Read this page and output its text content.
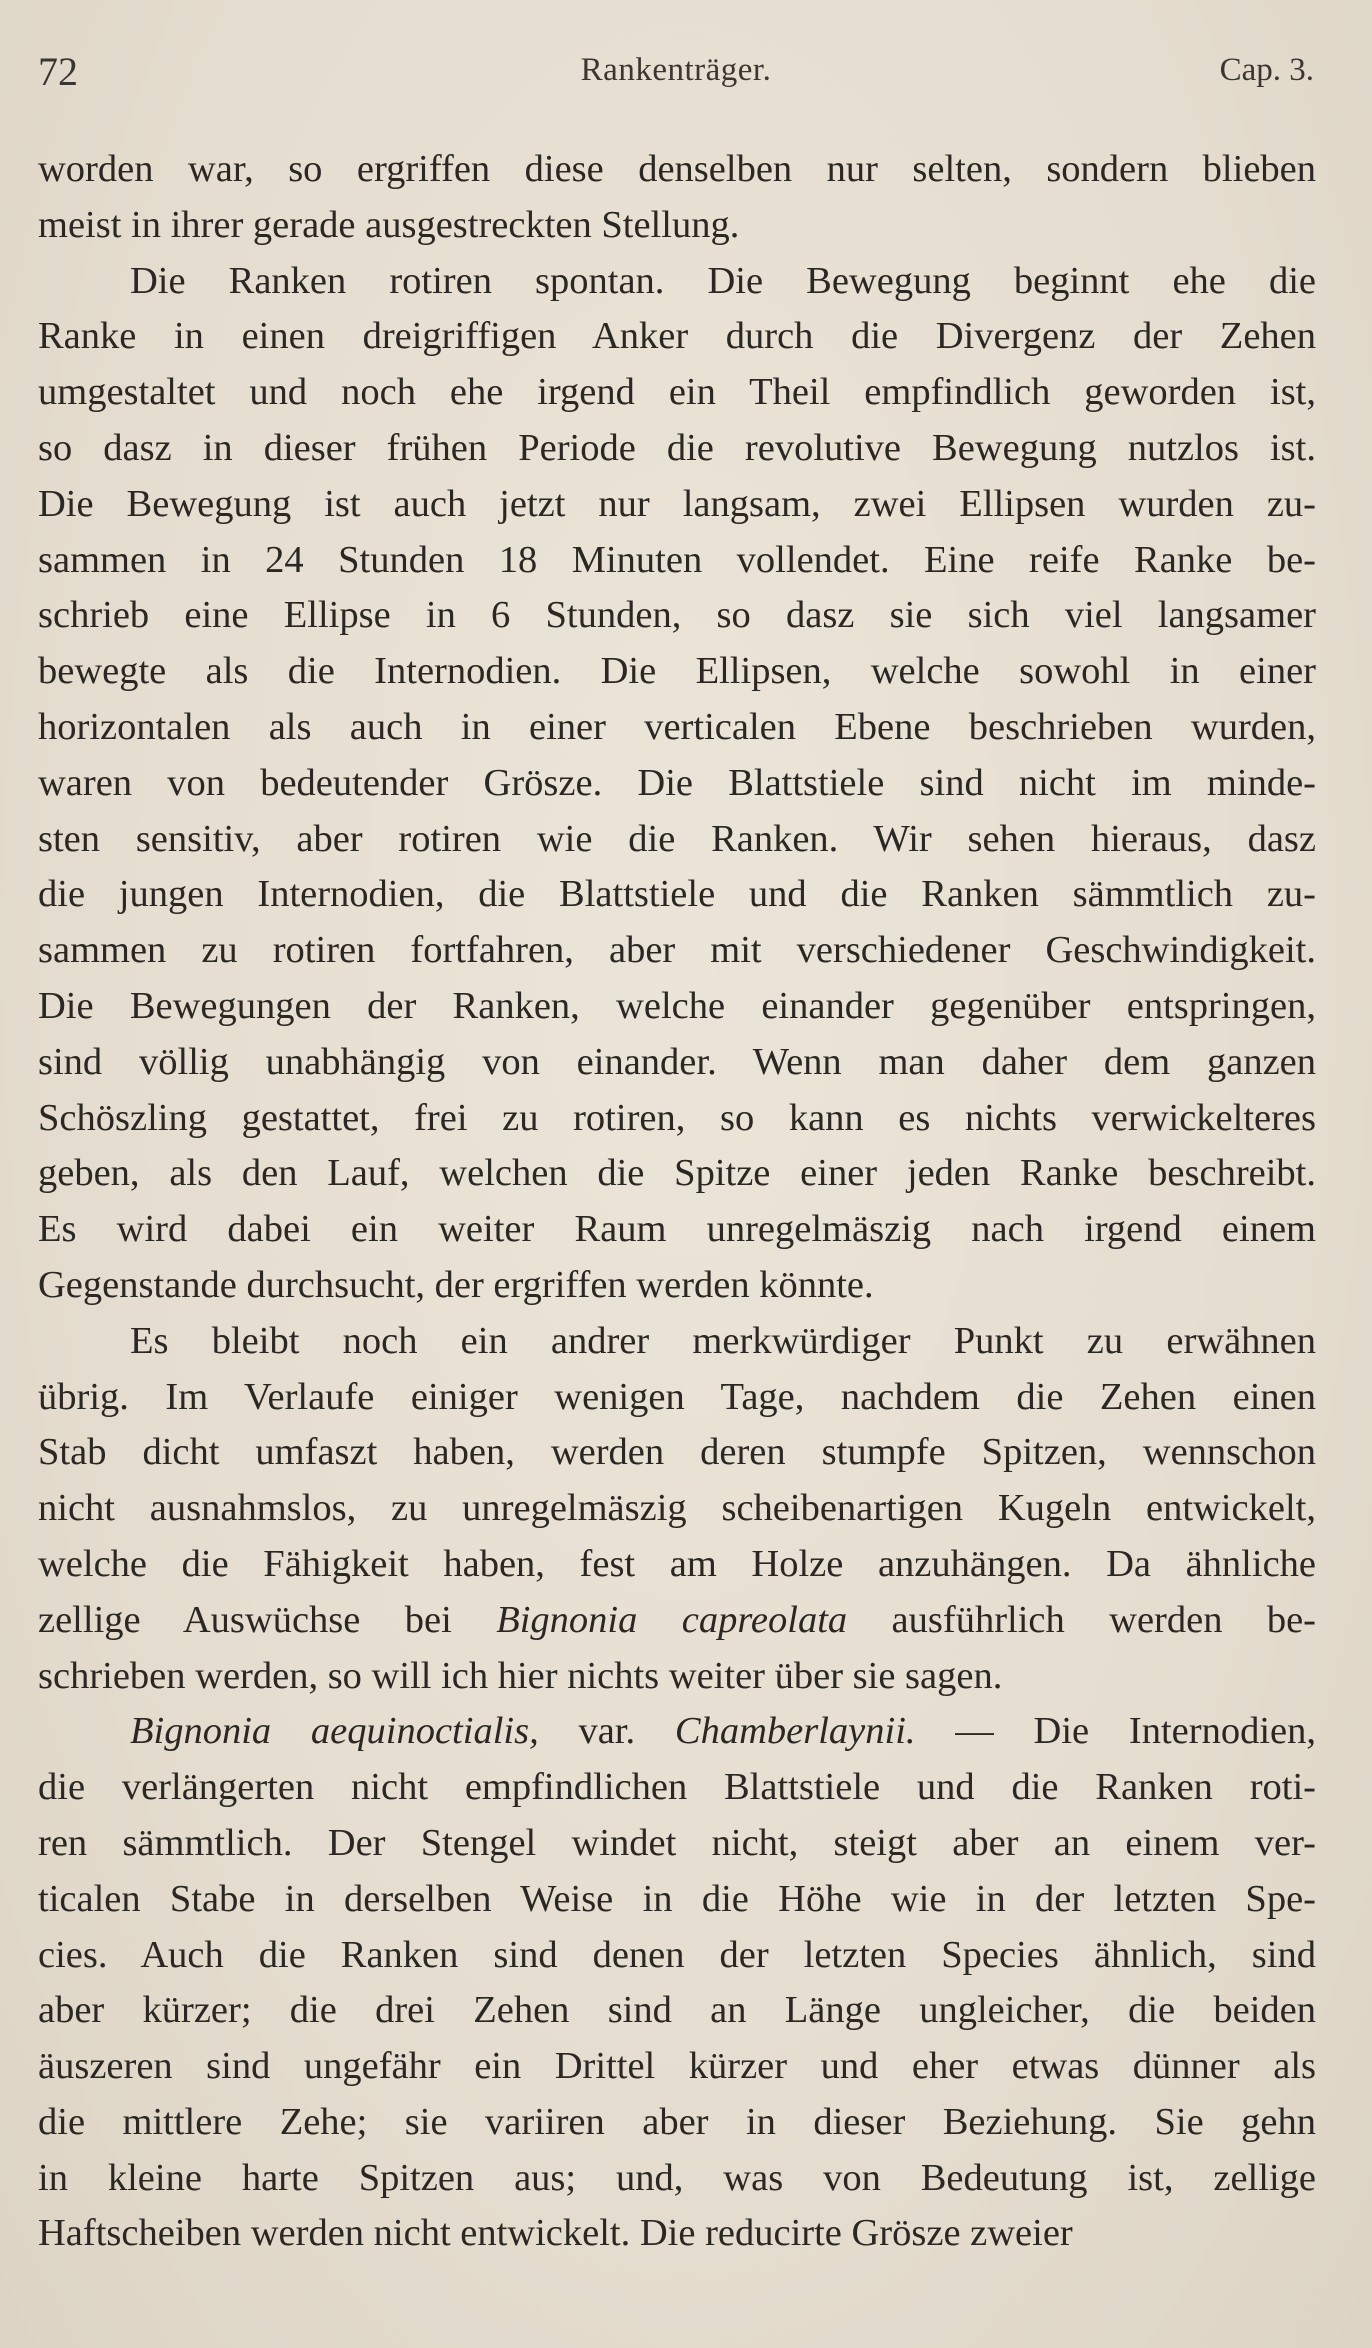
72	Rankenträger.	Cap. 3.

worden war, so ergriffen diese denselben nur selten, sondern blieben
meist in ihrer gerade ausgestreckten Stellung.

Die Ranken rotiren spontan. Die Bewegung beginnt ehe die
Ranke in einen dreigriffigen Anker durch die Divergenz der Zehen
umgestaltet und noch ehe irgend ein Theil empfindlich geworden ist,
so dasz in dieser frühen Periode die revolutive Bewegung nutzlos ist.
Die Bewegung ist auch jetzt nur langsam, zwei Ellipsen wurden zu-
sammen in 24 Stunden 18 Minuten vollendet. Eine reife Ranke be-
schrieb eine Ellipse in 6 Stunden, so dasz sie sich viel langsamer
bewegte als die Internodien. Die Ellipsen, welche sowohl in einer
horizontalen als auch in einer verticalen Ebene beschrieben wurden,
waren von bedeutender Grösze. Die Blattstiele sind nicht im minde-
sten sensitiv, aber rotiren wie die Ranken. Wir sehen hieraus, dasz
die jungen Internodien, die Blattstiele und die Ranken sämmtlich zu-
sammen zu rotiren fortfahren, aber mit verschiedener Geschwindigkeit.
Die Bewegungen der Ranken, welche einander gegenüber entspringen,
sind völlig unabhängig von einander. Wenn man daher dem ganzen
Schöszling gestattet, frei zu rotiren, so kann es nichts verwickelteres
geben, als den Lauf, welchen die Spitze einer jeden Ranke beschreibt.
Es wird dabei ein weiter Raum unregelmäszig nach irgend einem
Gegenstande durchsucht, der ergriffen werden könnte.

Es bleibt noch ein andrer merkwürdiger Punkt zu erwähnen
übrig. Im Verlaufe einiger wenigen Tage, nachdem die Zehen einen
Stab dicht umfaszt haben, werden deren stumpfe Spitzen, wennschon
nicht ausnahmslos, zu unregelmäszig scheibenartigen Kugeln entwickelt,
welche die Fähigkeit haben, fest am Holze anzuhängen. Da ähnliche
zellige Auswüchse bei Bignonia capreolata ausführlich werden be-
schrieben werden, so will ich hier nichts weiter über sie sagen.

Bignonia aequinoctialis, var. Chamberlaynii. — Die Internodien,
die verlängerten nicht empfindlichen Blattstiele und die Ranken roti-
ren sämmtlich. Der Stengel windet nicht, steigt aber an einem ver-
ticalen Stabe in derselben Weise in die Höhe wie in der letzten Spe-
cies. Auch die Ranken sind denen der letzten Species ähnlich, sind
aber kürzer; die drei Zehen sind an Länge ungleicher, die beiden
äuszeren sind ungefähr ein Drittel kürzer und eher etwas dünner als
die mittlere Zehe; sie variiren aber in dieser Beziehung. Sie gehn
in kleine harte Spitzen aus; und, was von Bedeutung ist, zellige
Haftscheiben werden nicht entwickelt. Die reducirte Grösze zweier
